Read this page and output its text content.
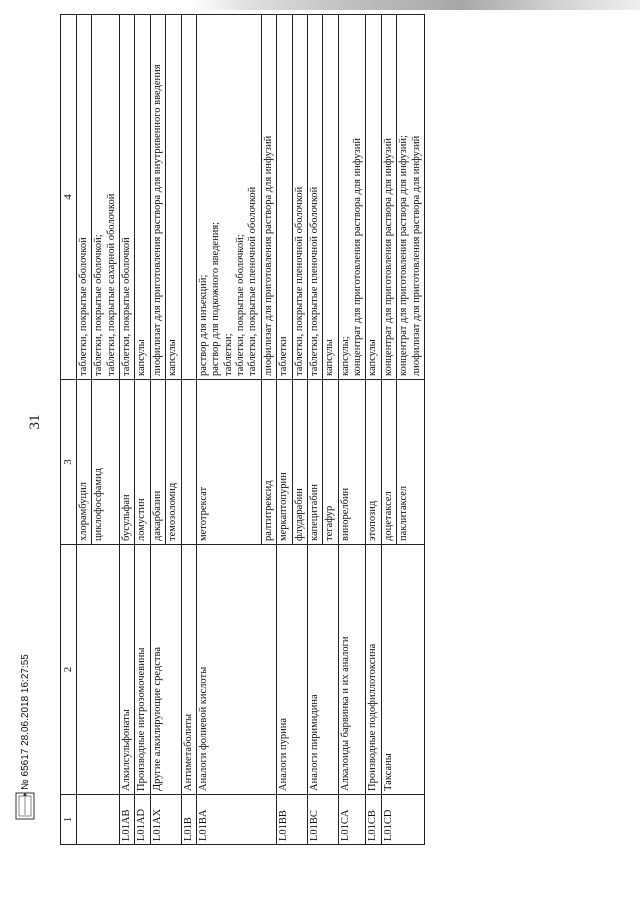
31
№ 65617 28.06.2018 16:27:55
1	2	3	4
		хлорамбуцил	таблетки, покрытые оболочкой

		циклофосфамид	таблетки, покрытые оболочкой; таблетки, покрытые сахарной оболочкой

L01AB	Алкилсульфонаты	бусульфан	таблетки, покрытые оболочкой

L01AD	Производные нитрозомочевины	ломустин	капсулы

L01AX	Другие алкилирующие средства	дакарбазин	лиофилизат для приготовления раствора для внутривенного введения

		темозоломид	капсулы

L01B	Антиметаболиты		
L01BA	Аналоги фолиевой кислоты	метотрексат	раствор для инъекций; раствор для подкожного введения; таблетки; таблетки, покрытые оболочкой; таблетки, покрытые пленочной оболочкой

		ралтитрексид	лиофилизат для приготовления раствора для инфузий

L01BB	Аналоги пурина	меркаптопурин	таблетки

		флударабин	таблетки, покрытые пленочной оболочкой

L01BC	Аналоги пиримидина	капецитабин	таблетки, покрытые пленочной оболочкой

		тегафур	капсулы

L01CA	Алкалоиды барвинка и их аналоги	винорелбин	капсулы; концентрат для приготовления раствора для инфузий

L01CB	Производные подофиллотоксина	этопозид	капсулы

L01CD	Таксаны	доцетаксел	концентрат для приготовления раствора для инфузий

		паклитаксел	концентрат для приготовления раствора для инфузий; лиофилизат для приготовления раствора для инфузий
